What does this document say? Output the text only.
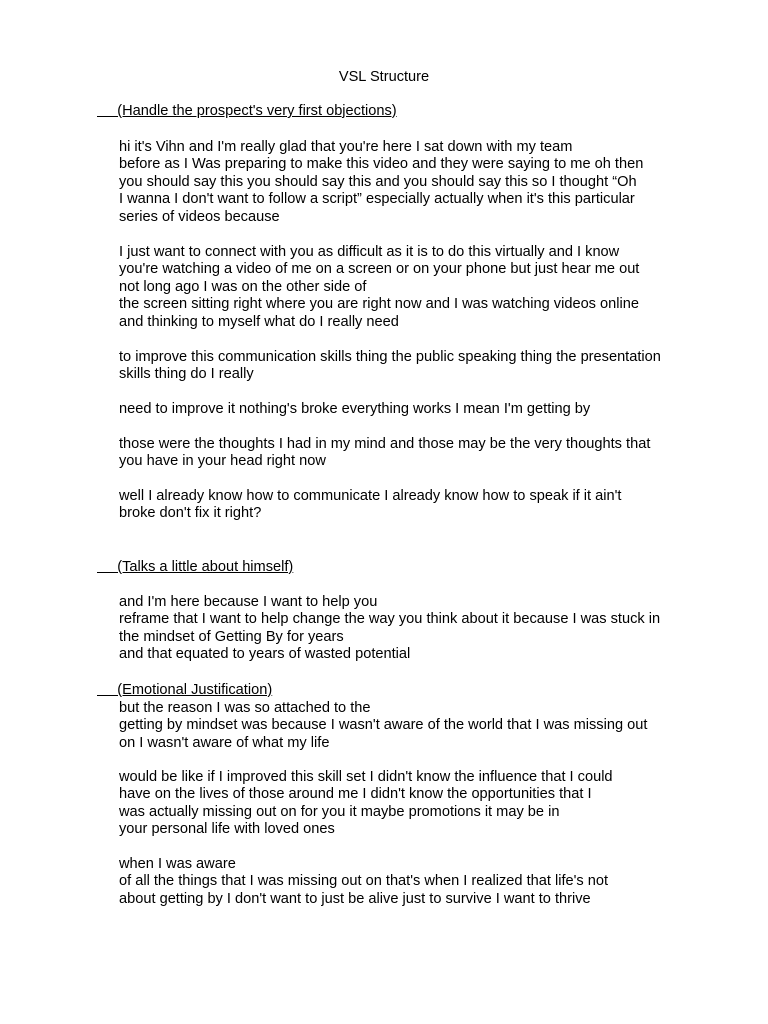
VSL Structure
(Handle the prospect's very first objections)
hi it's Vihn and I'm really glad that you're here I sat down with my team
before as I Was preparing to make this video and they were saying to me oh then
you should say this you should say this and you should say this so I thought “Oh
I wanna I don't want to follow a script” especially actually when it's this particular
series of videos because
I just want to connect with you as difficult as it is to do this virtually and I know
you're watching a video of me on a screen or on your phone but just hear me out
not long ago I was on the other side of
the screen sitting right where you are right now and I was watching videos online
and thinking to myself what do I really need
to improve this communication skills thing the public speaking thing the presentation
skills thing do I really
need to improve it nothing's broke everything works I mean I'm getting by
those were the thoughts I had in my mind and those may be the very thoughts that
you have in your head right now
well I already know how to communicate I already know how to speak if it ain't
broke don't fix it right?
(Talks a little about himself)
and I'm here because I want to help you
reframe that I want to help change the way you think about it because I was stuck in
the mindset of Getting By for years
and that equated to years of wasted potential
(Emotional Justification)
but the reason I was so attached to the
getting by mindset was because I wasn't aware of the world that I was missing out
on I wasn't aware of what my life
would be like if I improved this skill set I didn't know the influence that I could
have on the lives of those around me I didn't know the opportunities that I
was actually missing out on for you it maybe promotions it may be in
your personal life with loved ones
when I was aware
of all the things that I was missing out on that's when I realized that life's not
about getting by I don't want to just be alive just to survive I want to thrive
